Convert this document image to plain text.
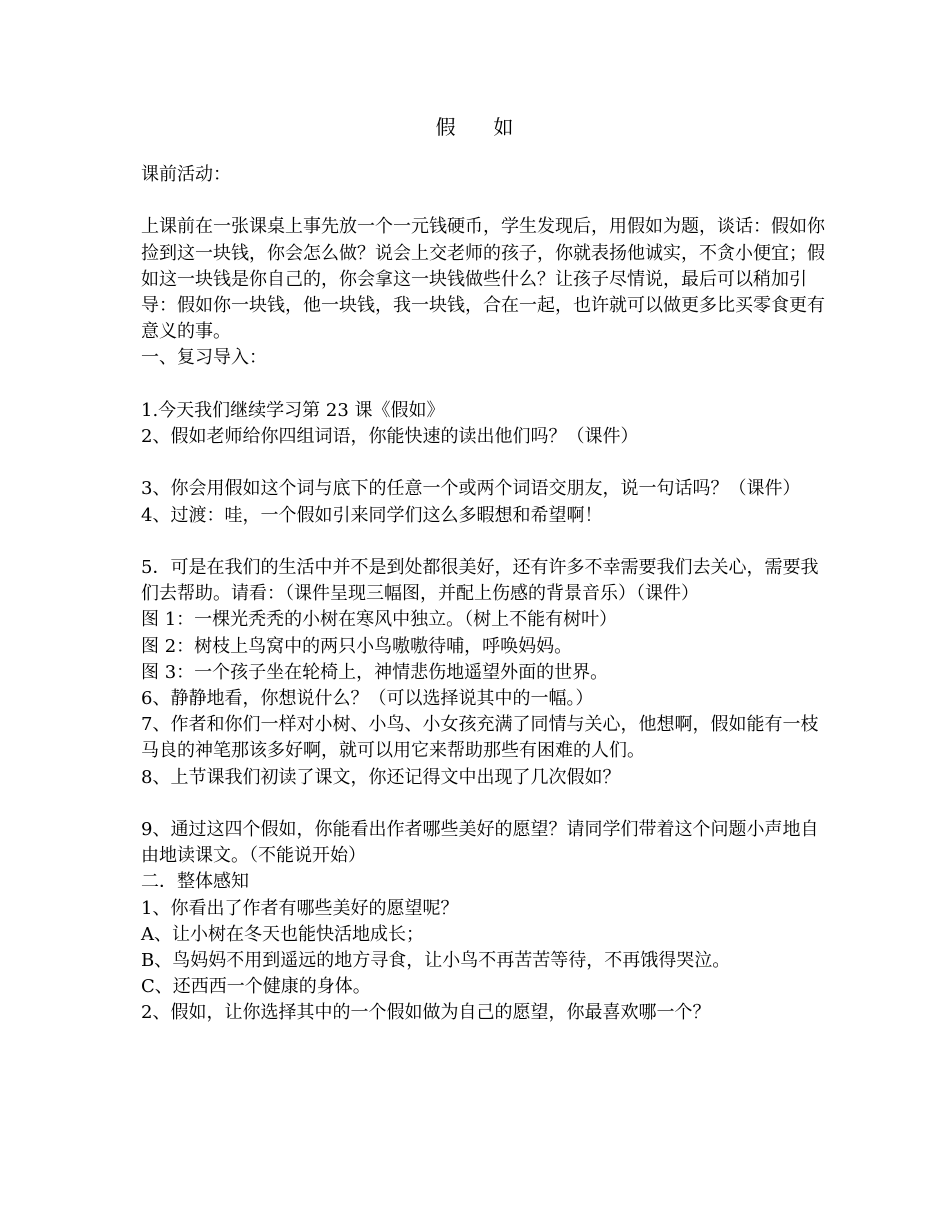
假     如

课前活动：

上课前在一张课桌上事先放一个一元钱硬币，学生发现后，用假如为题，谈话：假如你捡到这一块钱，你会怎么做？说会上交老师的孩子，你就表扬他诚实，不贪小便宜；假如这一块钱是你自己的，你会拿这一块钱做些什么？让孩子尽情说，最后可以稍加引导：假如你一块钱，他一块钱，我一块钱，合在一起，也许就可以做更多比买零食更有意义的事。

一、复习导入：

1.今天我们继续学习第 23 课《假如》

2、假如老师给你四组词语，你能快速的读出他们吗？（课件）

3、你会用假如这个词与底下的任意一个或两个词语交朋友，说一句话吗？（课件）

4、过渡：哇，一个假如引来同学们这么多暇想和希望啊！

5．可是在我们的生活中并不是到处都很美好，还有许多不幸需要我们去关心，需要我们去帮助。请看：（课件呈现三幅图，并配上伤感的背景音乐）（课件）

图 1：一棵光秃秃的小树在寒风中独立。（树上不能有树叶）

图 2：树枝上鸟窝中的两只小鸟嗷嗷待哺，呼唤妈妈。

图 3：一个孩子坐在轮椅上，神情悲伤地遥望外面的世界。

6、静静地看，你想说什么？（可以选择说其中的一幅。）

7、作者和你们一样对小树、小鸟、小女孩充满了同情与关心，他想啊，假如能有一枝马良的神笔那该多好啊，就可以用它来帮助那些有困难的人们。

8、上节课我们初读了课文，你还记得文中出现了几次假如？

9、通过这四个假如，你能看出作者哪些美好的愿望？请同学们带着这个问题小声地自由地读课文。（不能说开始）

二．整体感知

1、你看出了作者有哪些美好的愿望呢？

A、让小树在冬天也能快活地成长；

B、鸟妈妈不用到遥远的地方寻食，让小鸟不再苦苦等待，不再饿得哭泣。

C、还西西一个健康的身体。

2、假如，让你选择其中的一个假如做为自己的愿望，你最喜欢哪一个？
